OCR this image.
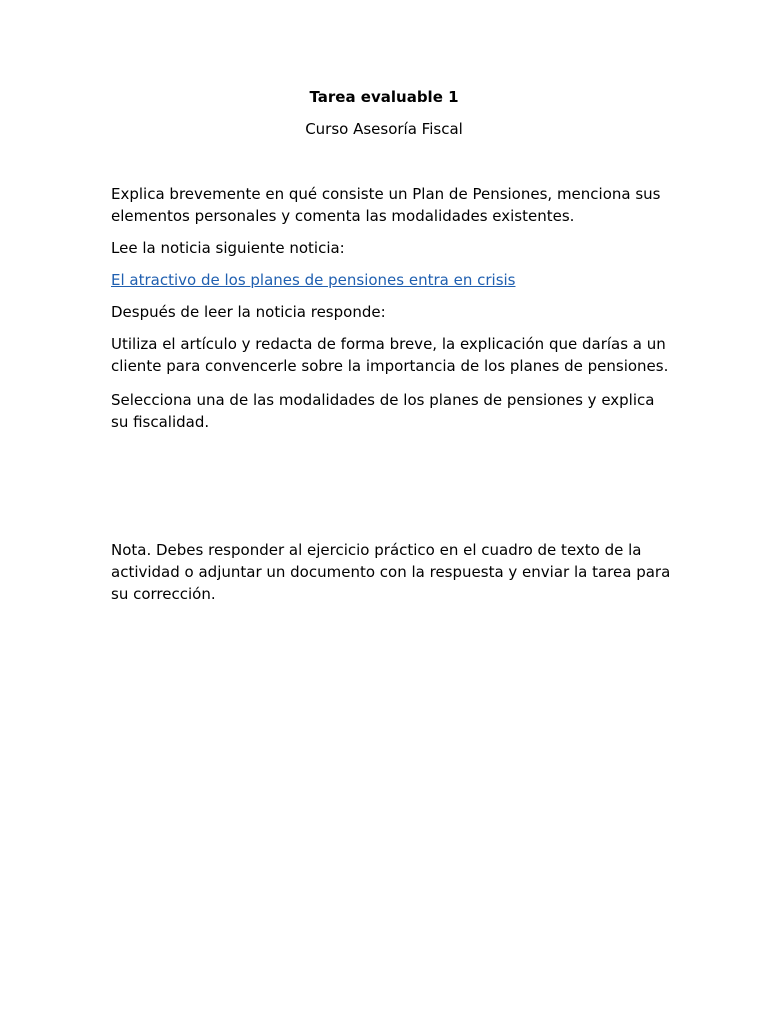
Tarea evaluable 1
Curso Asesoría Fiscal

Explica brevemente en qué consiste un Plan de Pensiones, menciona sus elementos personales y comenta las modalidades existentes.

Lee la noticia siguiente noticia:

El atractivo de los planes de pensiones entra en crisis

Después de leer la noticia responde:

Utiliza el artículo y redacta de forma breve, la explicación que darías a un cliente para convencerle sobre la importancia de los planes de pensiones.

Selecciona una de las modalidades de los planes de pensiones y explica su fiscalidad.

Nota. Debes responder al ejercicio práctico en el cuadro de texto de la actividad o adjuntar un documento con la respuesta y enviar la tarea para su corrección.
